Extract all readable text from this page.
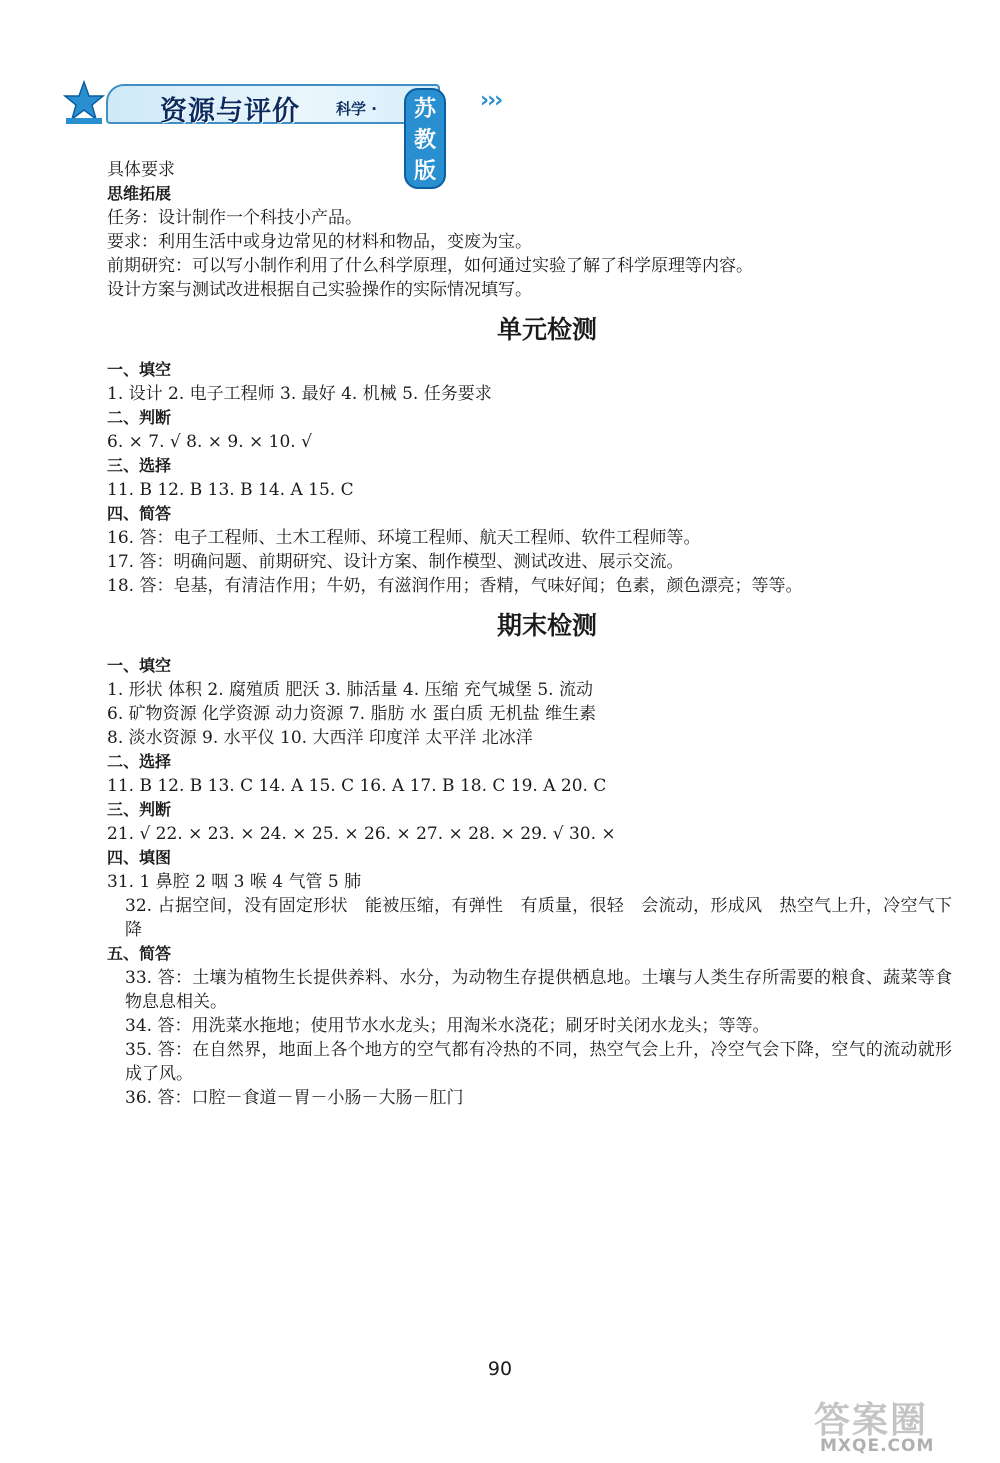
资源与评价 科学 ·	苏教版
›››
具体要求
思维拓展
任务：设计制作一个科技小产品。
要求：利用生活中或身边常见的材料和物品，变废为宝。
前期研究：可以写小制作利用了什么科学原理，如何通过实验了解了科学原理等内容。
设计方案与测试改进根据自己实验操作的实际情况填写。
单元检测
一、填空
1. 设计 2. 电子工程师 3. 最好 4. 机械 5. 任务要求
二、判断
6. × 7. √ 8. × 9. × 10. √
三、选择
11. B 12. B 13. B 14. A 15. C
四、简答
16. 答：电子工程师、土木工程师、环境工程师、航天工程师、软件工程师等。
17. 答：明确问题、前期研究、设计方案、制作模型、测试改进、展示交流。
18. 答：皂基，有清洁作用；牛奶，有滋润作用；香精，气味好闻；色素，颜色漂亮；等等。
期末检测
一、填空
1. 形状 体积 2. 腐殖质 肥沃 3. 肺活量 4. 压缩 充气城堡 5. 流动
6. 矿物资源 化学资源 动力资源 7. 脂肪 水 蛋白质 无机盐 维生素
8. 淡水资源 9. 水平仪 10. 大西洋 印度洋 太平洋 北冰洋
二、选择
11. B 12. B 13. C 14. A 15. C 16. A 17. B 18. C 19. A 20. C
三、判断
21. √ 22. × 23. × 24. × 25. × 26. × 27. × 28. × 29. √ 30. ×
四、填图
31. 1 鼻腔 2 咽 3 喉 4 气管 5 肺
32. 占据空间，没有固定形状　能被压缩，有弹性　有质量，很轻　会流动，形成风　热空气上升，冷空气下降
五、简答
33. 答：土壤为植物生长提供养料、水分，为动物生存提供栖息地。土壤与人类生存所需要的粮食、蔬菜等食物息息相关。
34. 答：用洗菜水拖地；使用节水水龙头；用淘米水浇花；刷牙时关闭水龙头；等等。
35. 答：在自然界，地面上各个地方的空气都有冷热的不同，热空气会上升，冷空气会下降，空气的流动就形成了风。
36. 答：口腔－食道－胃－小肠－大肠－肛门
90
答案圈
MXQE.COM
